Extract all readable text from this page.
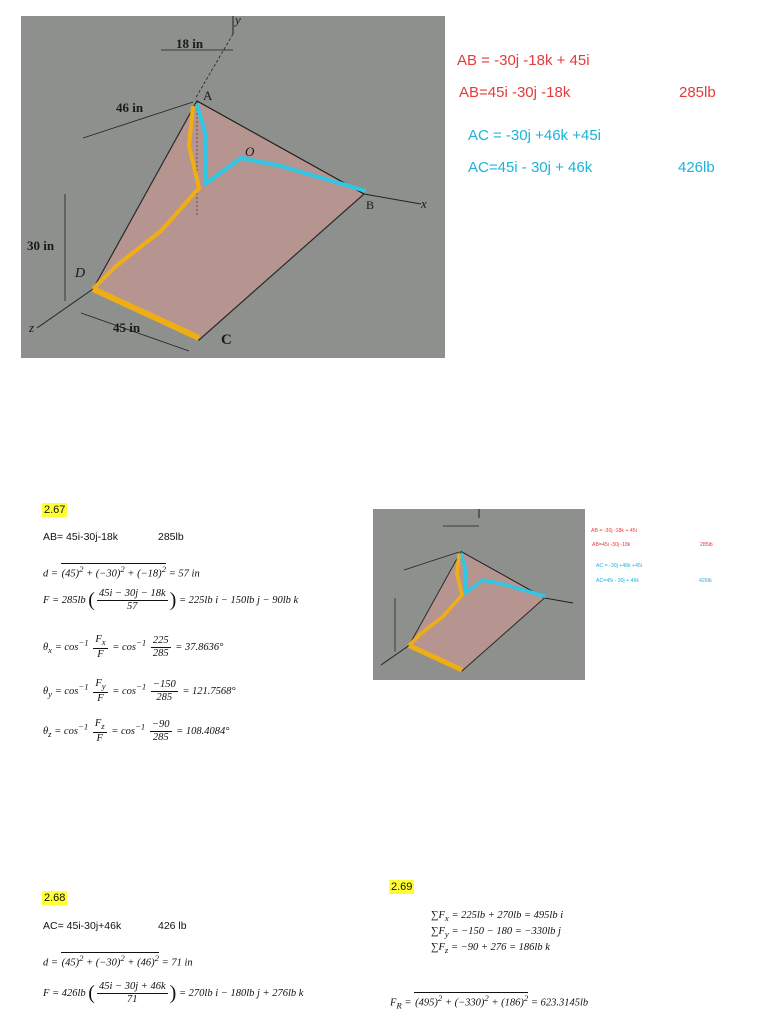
18 in
46 in
30 in
45 in
A
O
B
C
D
x
y
z
AB = -30j -18k + 45i
AB=45i -30j -18k	285lb
AC = -30j +46k +45i
AC=45i - 30j + 46k	426lb
AB = -30j -18k + 45i
AB=45i -30j -18k	285lb
AC = -30j +46k +45i
AC=45i - 30j + 46k	426lb
2.67
AB= 45i-30j-18k	285lb
$d = (45)^2 + (-30)^2 + (-18)^2 = 57$ in
F = 285lb ( $\frac{45i - 30j - 18k}{57}$ ) = 225lb i − 150lb j − 90lb k
$\theta_x = \cos^{-1} \frac{F_x}{F} = \cos^{-1} \frac{225}{285} = 37.8636^\circ$
$\theta_y = \cos^{-1} \frac{F_y}{F} = \cos^{-1} \frac{-150}{285} = 121.7568^\circ$
$\theta_z = \cos^{-1} \frac{F_z}{F} = \cos^{-1} \frac{-90}{285} = 108.4084^\circ$
2.68
AC= 45i-30j+46k	426 lb
$d = (45)^2 + (-30)^2 + (46)^2 = 71$ in
F = 426lb ( $\frac{45i - 30j + 46k}{71}$ ) = 270lb i − 180lb j + 276lb k
2.69
$\sum F_x = 225lb + 270lb = 495lb$ i
$\sum F_y = -150 - 180 = -330lb$ j
$\sum F_z = -90 + 276 = 186lb$ k
$F_R = (495)^2 + (-330)^2 + (186)^2 = 623.3145lb$
